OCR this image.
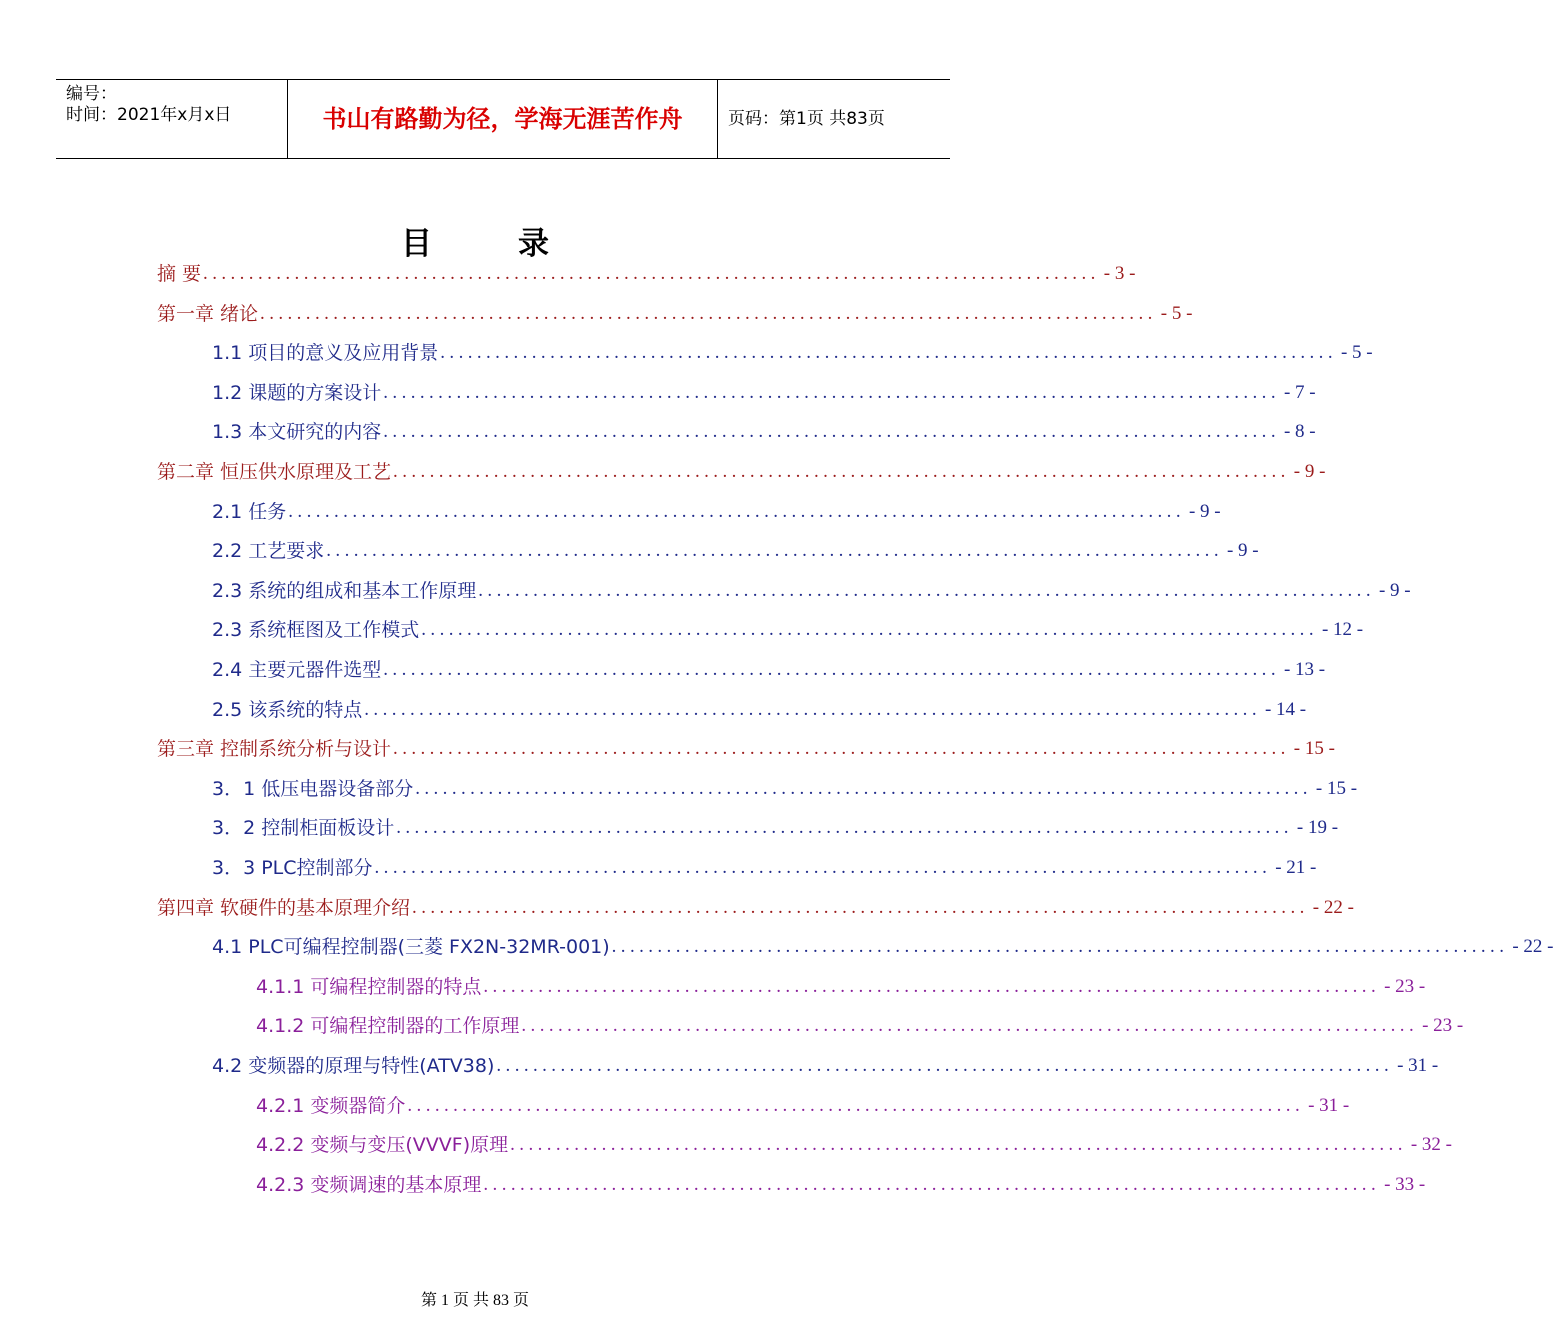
编号：
时间：2021年x月x日	书山有路勤为径，学海无涯苦作舟	页码：第1页 共83页
目	录
摘 要 .................................................................................................. - 3 -
第一章 绪论 .................................................................................................. - 5 -
1.1 项目的意义及应用背景 .................................................................................................. - 5 -
1.2 课题的方案设计 .................................................................................................. - 7 -
1.3 本文研究的内容 .................................................................................................. - 8 -
第二章 恒压供水原理及工艺 .................................................................................................. - 9 -
2.1 任务 .................................................................................................. - 9 -
2.2 工艺要求 .................................................................................................. - 9 -
2.3 系统的组成和基本工作原理 .................................................................................................. - 9 -
2.3 系统框图及工作模式 .................................................................................................. - 12 -
2.4 主要元器件选型 .................................................................................................. - 13 -
2.5 该系统的特点 .................................................................................................. - 14 -
第三章 控制系统分析与设计 .................................................................................................. - 15 -
3．1 低压电器设备部分 .................................................................................................. - 15 -
3．2 控制柜面板设计 .................................................................................................. - 19 -
3．3 PLC控制部分 .................................................................................................. - 21 -
第四章 软硬件的基本原理介绍 .................................................................................................. - 22 -
4.1 PLC可编程控制器(三菱 FX2N-32MR-001) .................................................................................................. - 22 -
4.1.1 可编程控制器的特点 .................................................................................................. - 23 -
4.1.2 可编程控制器的工作原理 .................................................................................................. - 23 -
4.2 变频器的原理与特性(ATV38) .................................................................................................. - 31 -
4.2.1 变频器简介 .................................................................................................. - 31 -
4.2.2 变频与变压(VVVF)原理 .................................................................................................. - 32 -
4.2.3 变频调速的基本原理 .................................................................................................. - 33 -
第 1 页 共 83 页
